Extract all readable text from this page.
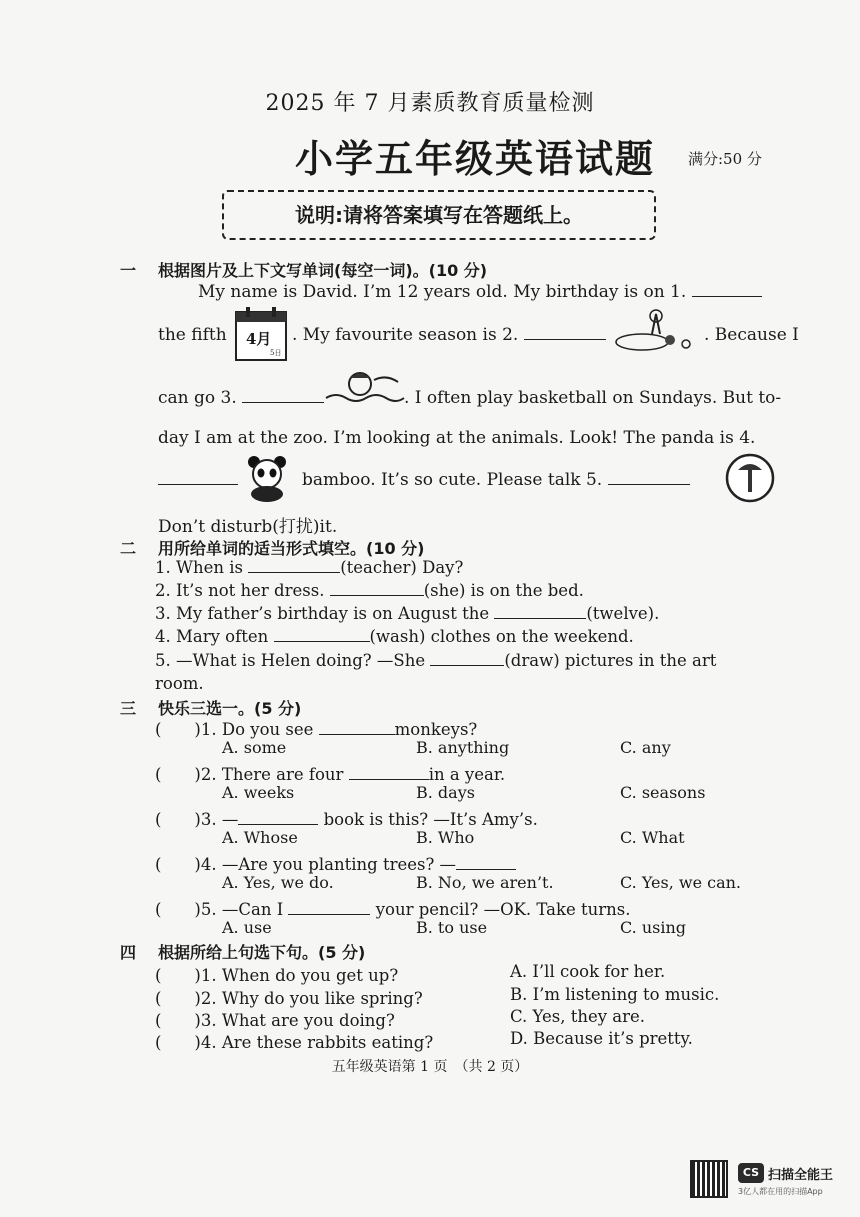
2025 年 7 月素质教育质量检测
小学五年级英语试题 满分:50 分
说明:请将答案填写在答题纸上。
一 根据图片及上下文写单词(每空一词)。(10 分)
My name is David. I’m 12 years old. My birthday is on 1.
the fifth 4月
5日
. My favourite season is 2.	. Because I
can go 3.	. I often play basketball on Sundays. But to-
day I am at the zoo. I’m looking at the animals. Look! The panda is 4.
bamboo. It’s so cute. Please talk 5.
Don’t disturb(打扰)it.
二 用所给单词的适当形式填空。(10 分)
1. When is	(teacher) Day?
2. It’s not her dress.	(she) is on the bed.
3. My father’s birthday is on August the	(twelve).
4. Mary often	(wash) clothes on the weekend.
5. —What is Helen doing? —She	(draw) pictures in the art
room.
三 快乐三选一。(5 分)
(　　)1. Do you see	monkeys?
A. some	B. anything	C. any
(　　)2. There are four	in a year.
A. weeks	B. days	C. seasons
(　　)3. —	book is this? —It’s Amy’s.
A. Whose	B. Who	C. What
(　　)4. —Are you planting trees? —
A. Yes, we do.	B. No, we aren’t.	C. Yes, we can.
(　　)5. —Can I	your pencil? —OK. Take turns.
A. use	B. to use	C. using
四 根据所给上句选下句。(5 分)
(　　)1. When do you get up?	A. I’ll cook for her.
(　　)2. Why do you like spring?	B. I’m listening to music.
(　　)3. What are you doing?	C. Yes, they are.
(　　)4. Are these rabbits eating?	D. Because it’s pretty.
五年级英语第 1 页　（共 2 页）
CS 扫描全能王
3亿人都在用的扫描App
